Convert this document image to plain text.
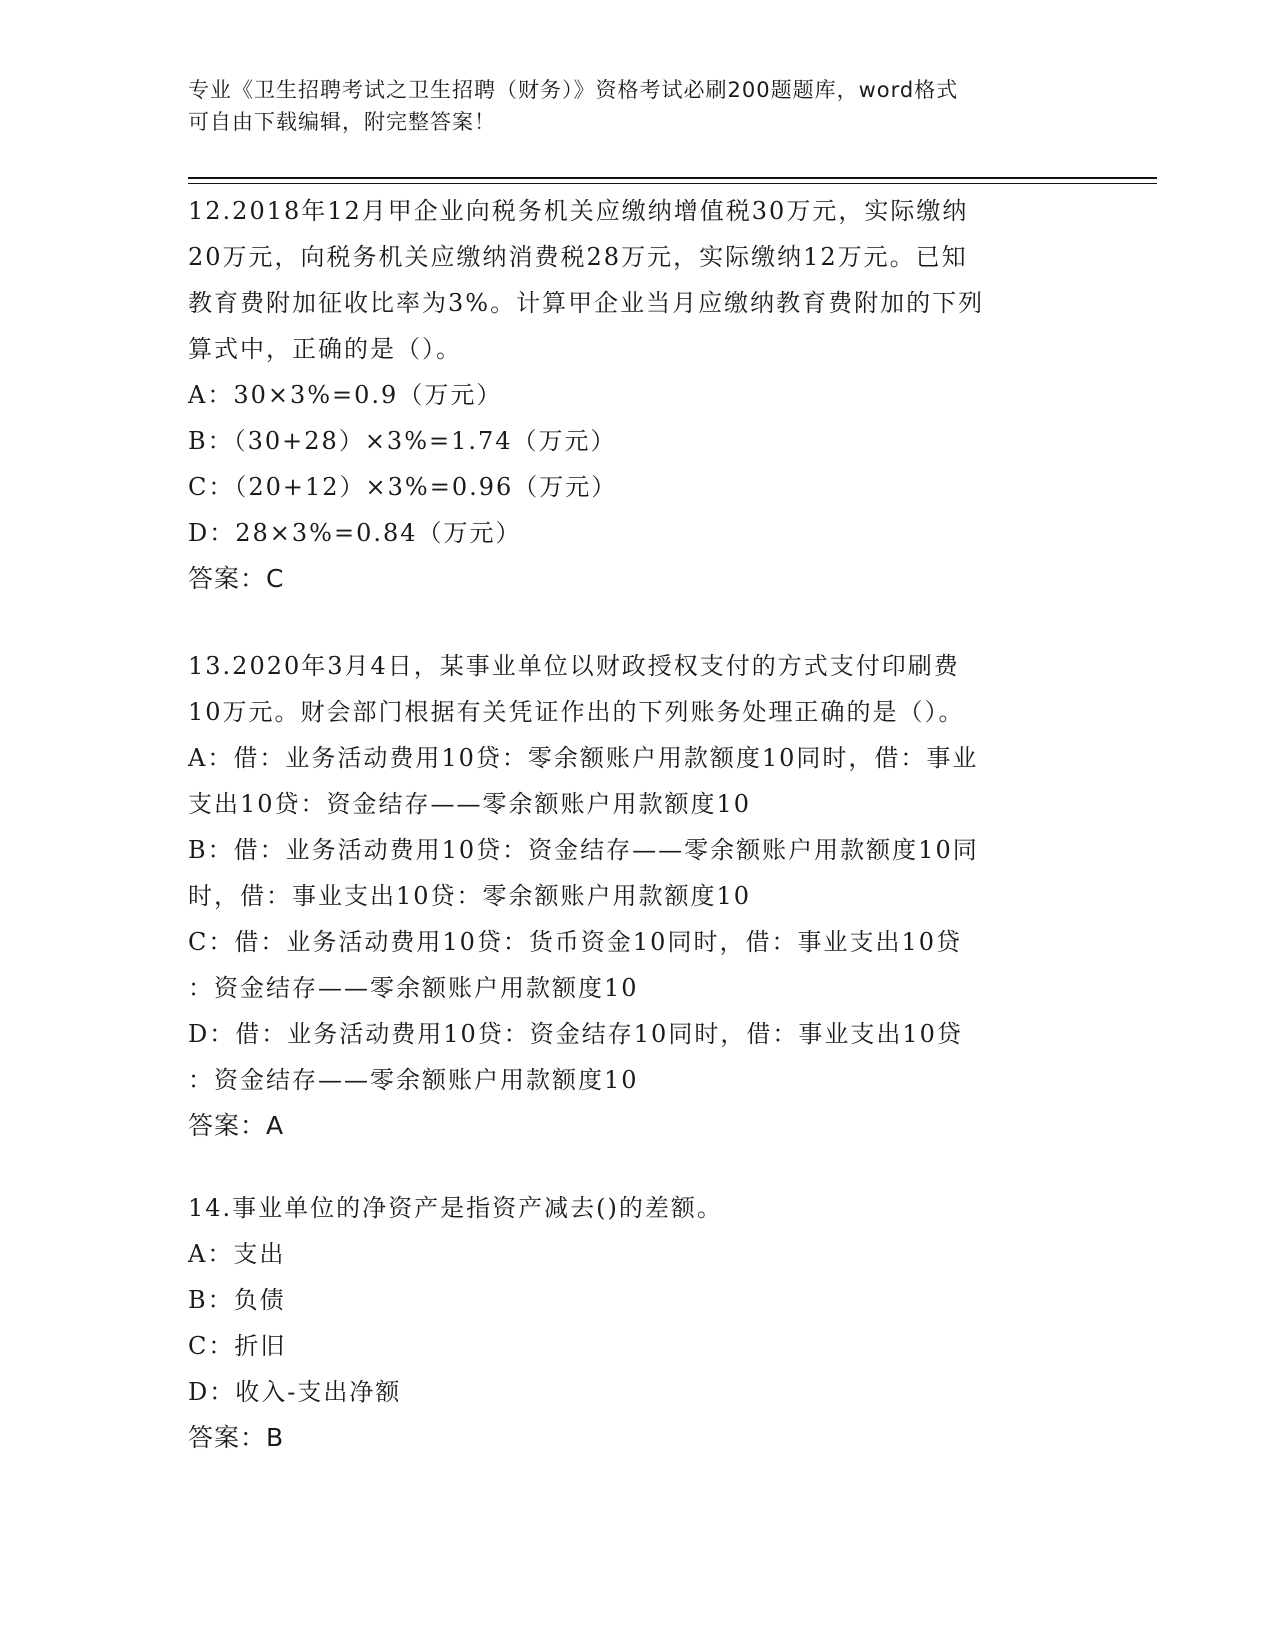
专业《卫生招聘考试之卫生招聘（财务）》资格考试必刷200题题库，word格式
可自由下载编辑，附完整答案！
12.2018年12月甲企业向税务机关应缴纳增值税30万元，实际缴纳
20万元，向税务机关应缴纳消费税28万元，实际缴纳12万元。已知
教育费附加征收比率为3%。计算甲企业当月应缴纳教育费附加的下列
算式中，正确的是（）。
A：30×3%=0.9（万元）
B：（30+28）×3%=1.74（万元）
C：（20+12）×3%=0.96（万元）
D：28×3%=0.84（万元）
答案：C
13.2020年3月4日，某事业单位以财政授权支付的方式支付印刷费
10万元。财会部门根据有关凭证作出的下列账务处理正确的是（）。
A：借：业务活动费用10贷：零余额账户用款额度10同时，借：事业
支出10贷：资金结存——零余额账户用款额度10
B：借：业务活动费用10贷：资金结存——零余额账户用款额度10同
时，借：事业支出10贷：零余额账户用款额度10
C：借：业务活动费用10贷：货币资金10同时，借：事业支出10贷
：资金结存——零余额账户用款额度10
D：借：业务活动费用10贷：资金结存10同时，借：事业支出10贷
：资金结存——零余额账户用款额度10
答案：A
14.事业单位的净资产是指资产减去()的差额。
A：支出
B：负债
C：折旧
D：收入-支出净额
答案：B
